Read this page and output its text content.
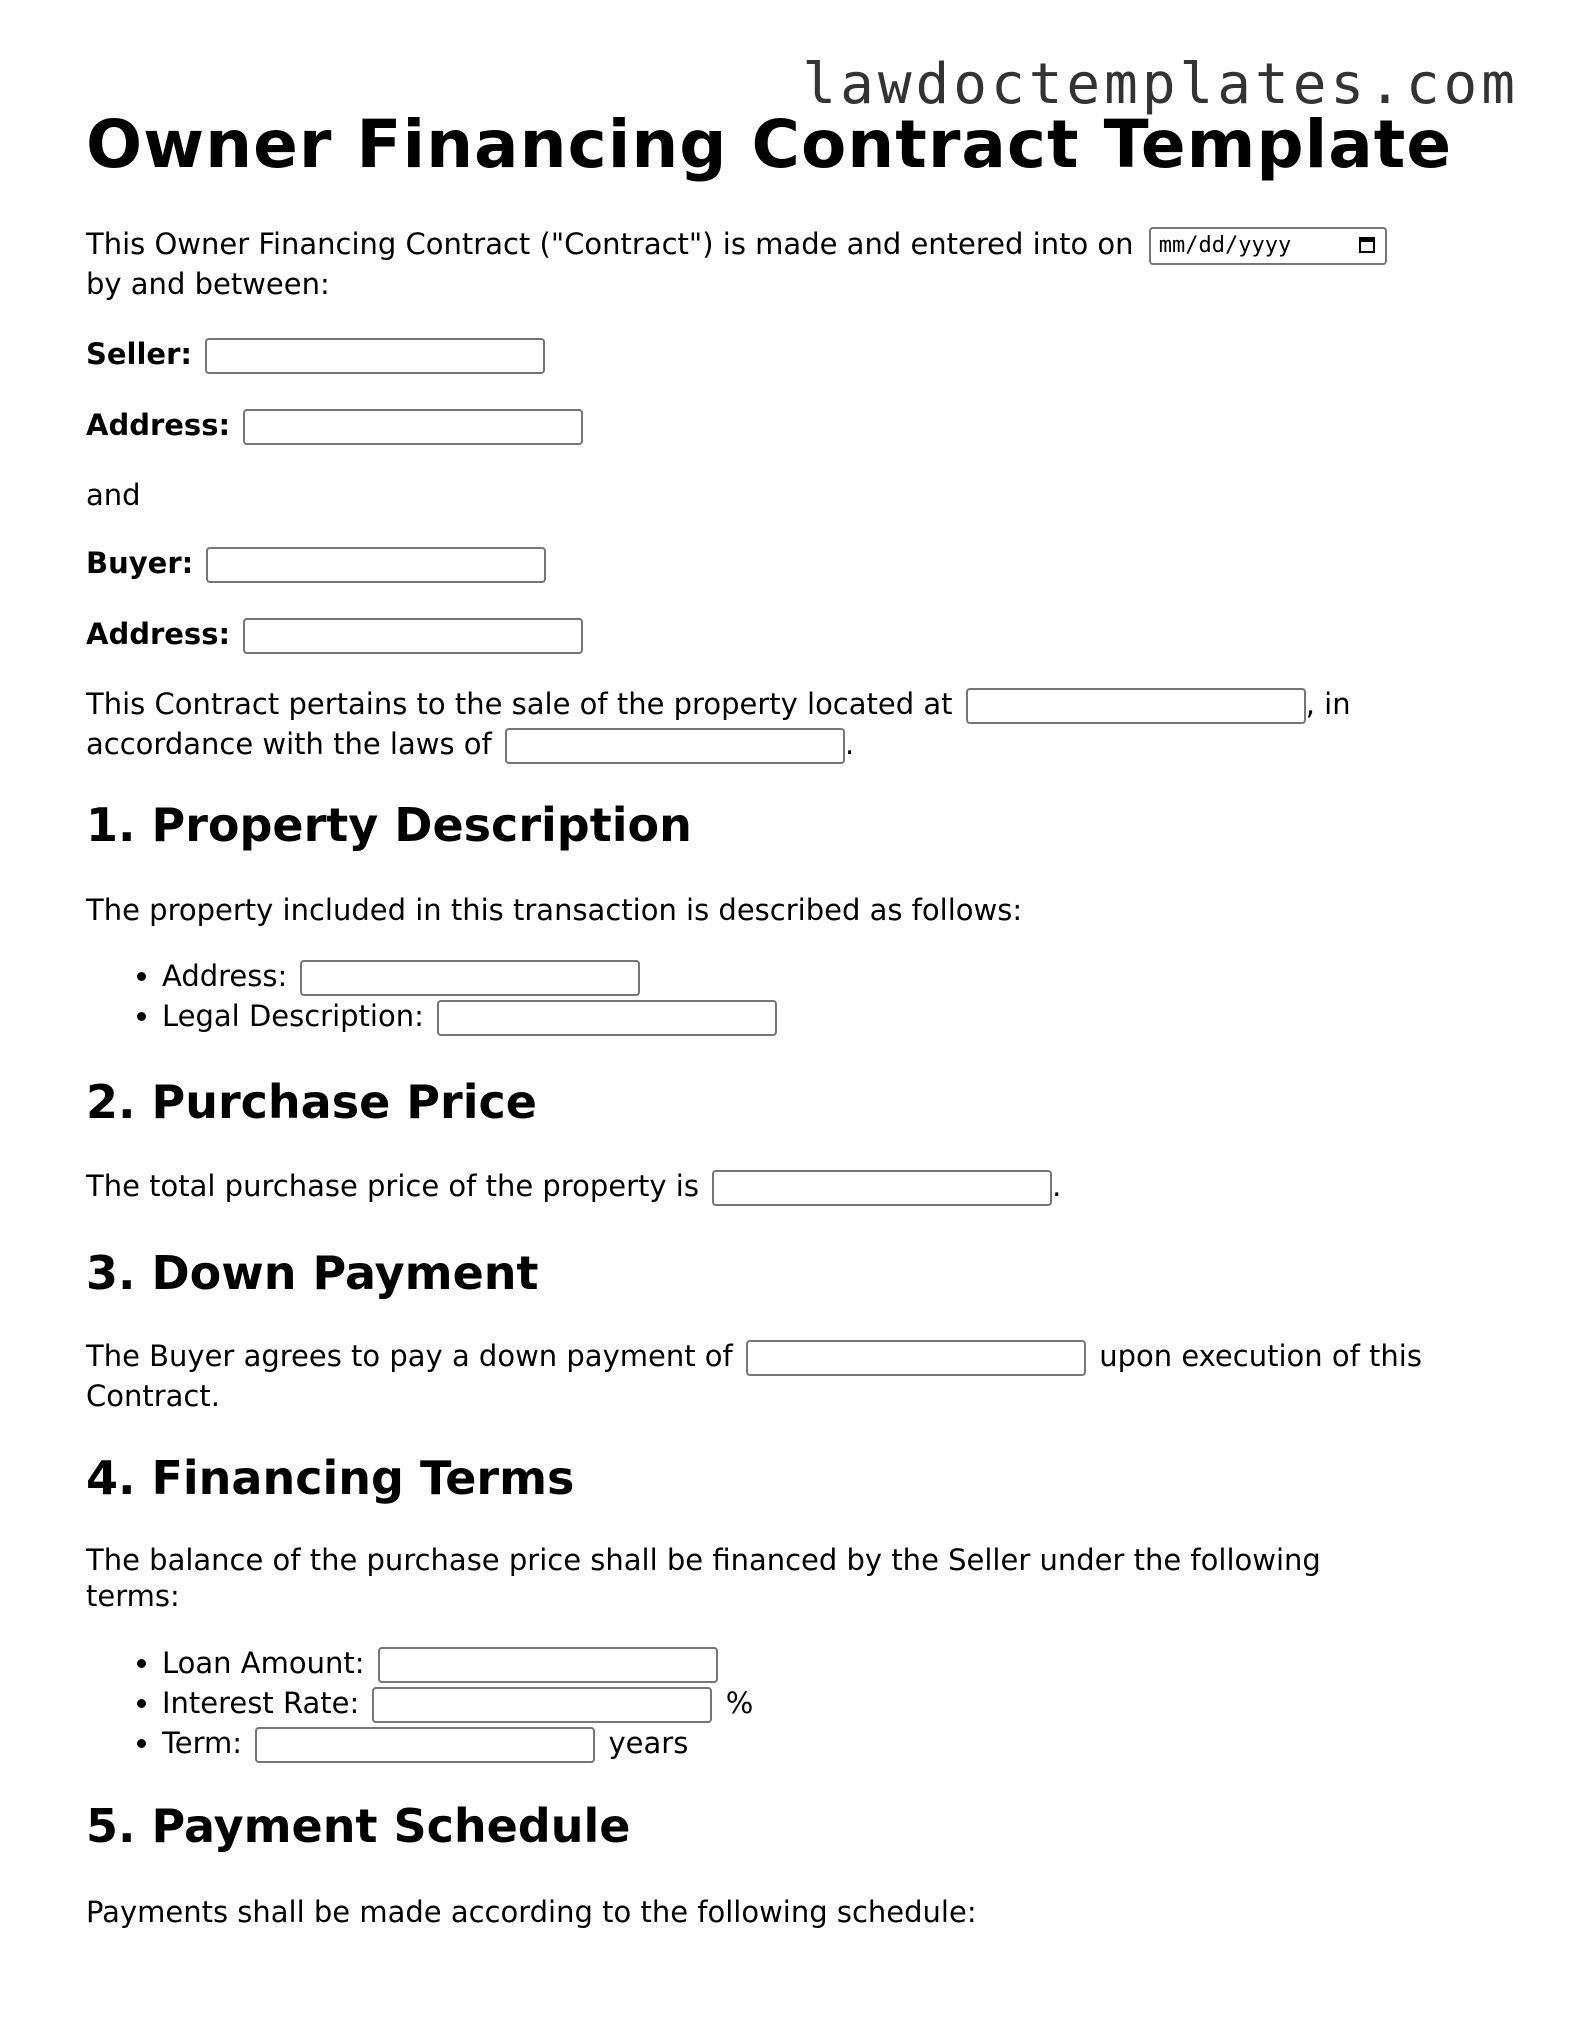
lawdoctemplates.com
Owner Financing Contract Template
This Owner Financing Contract ("Contract") is made and entered into on mm/dd/yyyy
by and between:
Seller:
Address:
and
Buyer:
Address:
This Contract pertains to the sale of the property located at	, in
accordance with the laws of	.
1. Property Description
The property included in this transaction is described as follows:
• Address:
• Legal Description:
2. Purchase Price
The total purchase price of the property is	.
3. Down Payment
The Buyer agrees to pay a down payment of	upon execution of this
Contract.
4. Financing Terms
The balance of the purchase price shall be financed by the Seller under the following
terms:
• Loan Amount:
• Interest Rate:	%
• Term:	years
5. Payment Schedule
Payments shall be made according to the following schedule:
